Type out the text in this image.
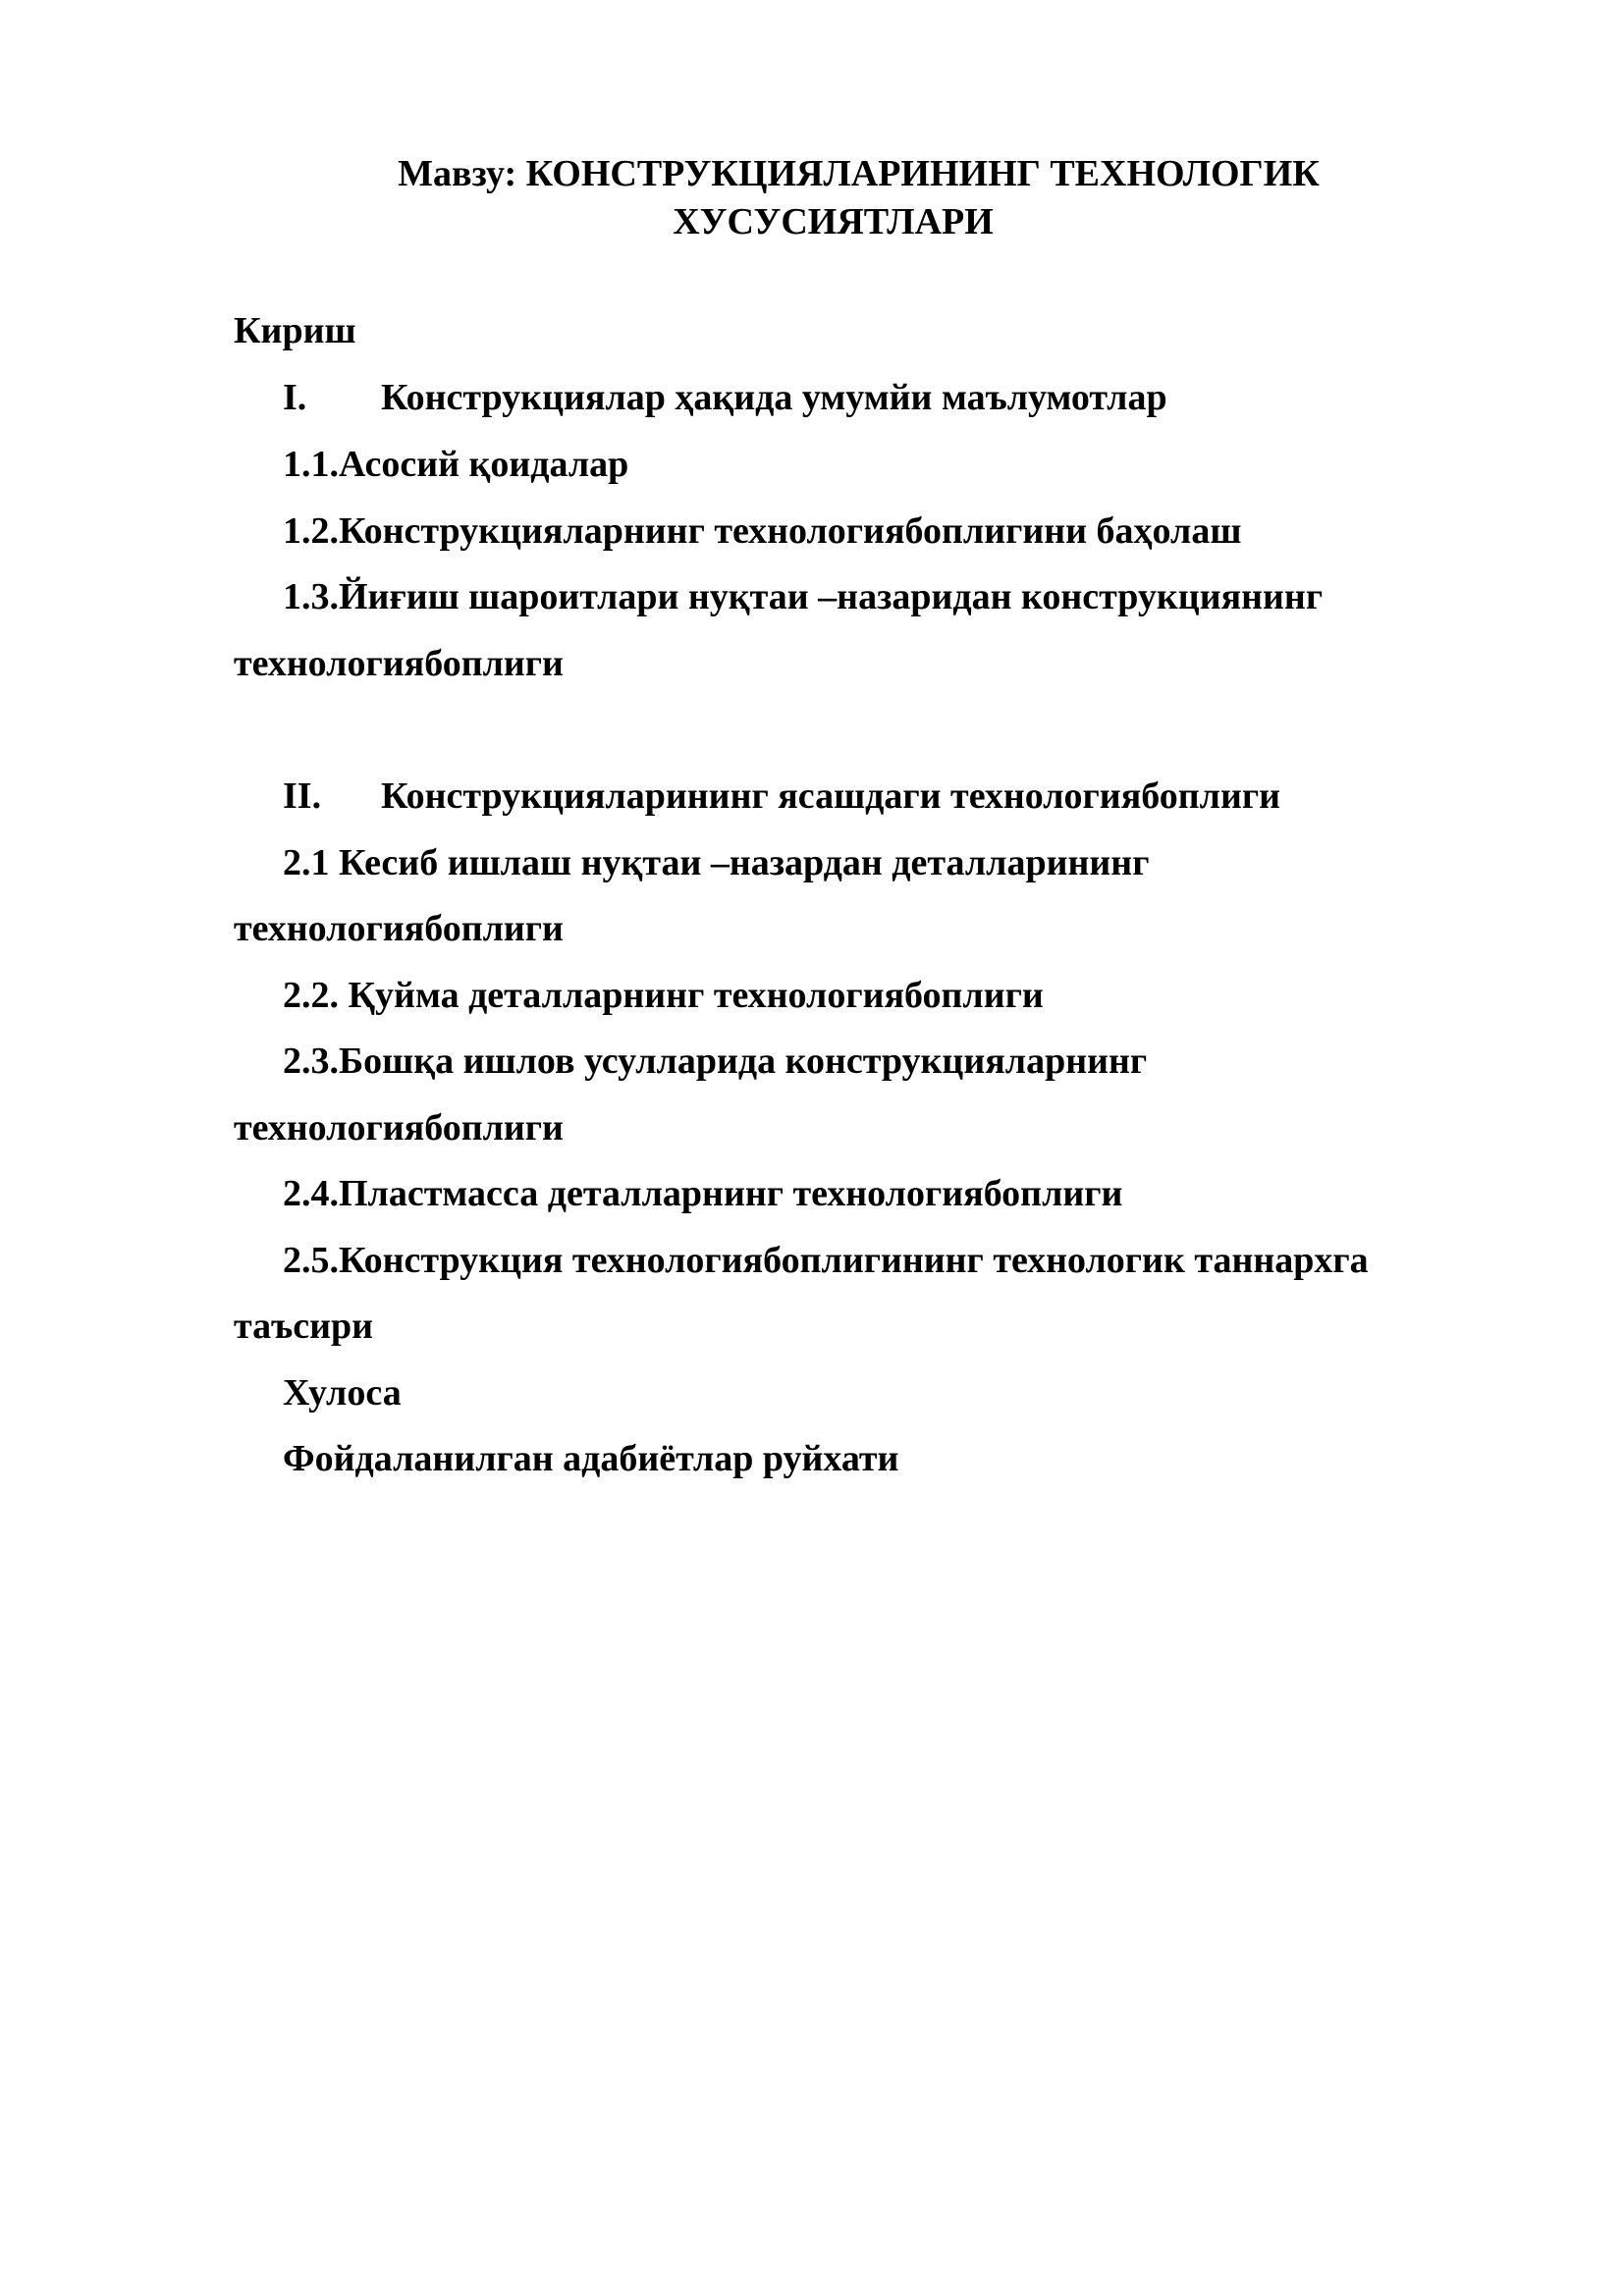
Мавзу: КОНСТРУКЦИЯЛАРИНИНГ ТЕХНОЛОГИК
ХУСУСИЯТЛАРИ
Кириш
I. Конструкциялар ҳақида умумйи маълумотлар
1.1.Асосий қоидалар
1.2.Конструкцияларнинг технологиябоплигини баҳолаш
1.3.Йиғиш шароитлари нуқтаи –назаридан конструкциянинг
технологиябоплиги
II. Конструкцияларининг ясашдаги технологиябоплиги
2.1 Кесиб ишлаш нуқтаи –назардан деталларининг
технологиябоплиги
2.2. Қуйма деталларнинг технологиябоплиги
2.3.Бошқа ишлов усулларида конструкцияларнинг
технологиябоплиги
2.4.Пластмасса деталларнинг технологиябоплиги
2.5.Конструкция технологиябоплигининг технологик таннархга
таъсири
Хулоса
Фойдаланилган адабиётлар руйхати
